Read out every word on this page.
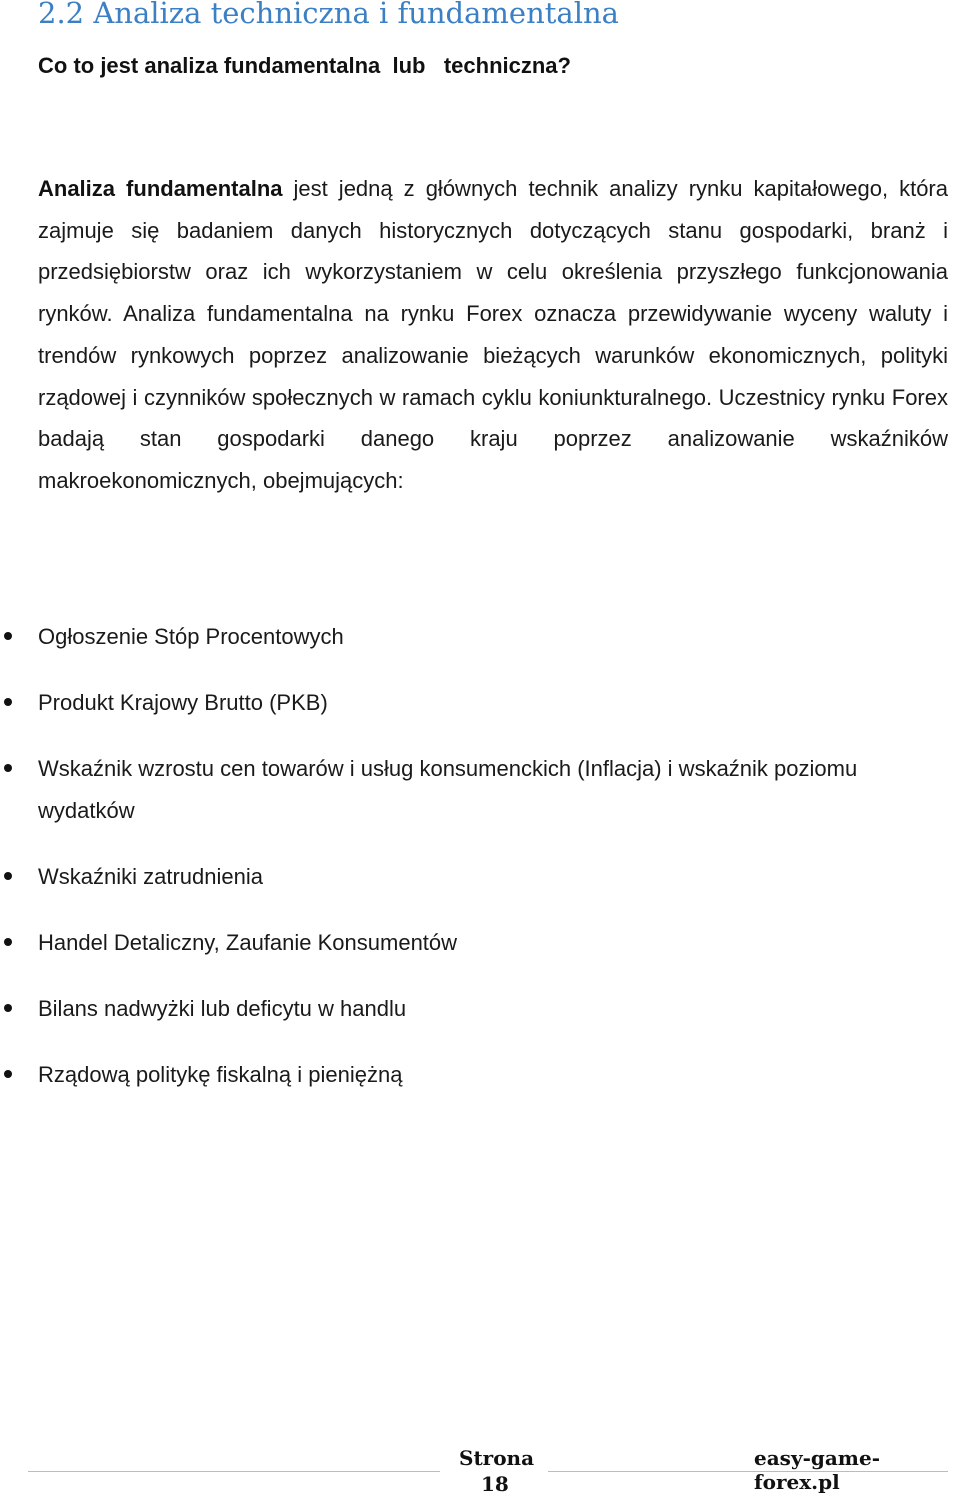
2.2 Analiza techniczna i fundamentalna
Co to jest analiza fundamentalna  lub   techniczna?

Analiza fundamentalna jest jedną z głównych technik analizy rynku kapitałowego, która zajmuje się badaniem danych historycznych dotyczących stanu gospodarki, branż i przedsiębiorstw oraz ich wykorzystaniem w celu określenia przyszłego funkcjonowania rynków. Analiza fundamentalna na rynku Forex oznacza przewidywanie wyceny waluty i trendów rynkowych poprzez analizowanie bieżących warunków ekonomicznych, polityki rządowej i czynników społecznych w ramach cyklu koniunkturalnego. Uczestnicy rynku Forex badają stan gospodarki danego kraju poprzez analizowanie wskaźników makroekonomicznych, obejmujących:

Ogłoszenie Stóp Procentowych
Produkt Krajowy Brutto (PKB)
Wskaźnik wzrostu cen towarów i usług konsumenckich (Inflacja) i wskaźnik poziomu wydatków
Wskaźniki zatrudnienia
Handel Detaliczny, Zaufanie Konsumentów
Bilans nadwyżki lub deficytu w handlu
Rządową politykę fiskalną i pieniężną
Strona
18
easy-game-forex.pl
